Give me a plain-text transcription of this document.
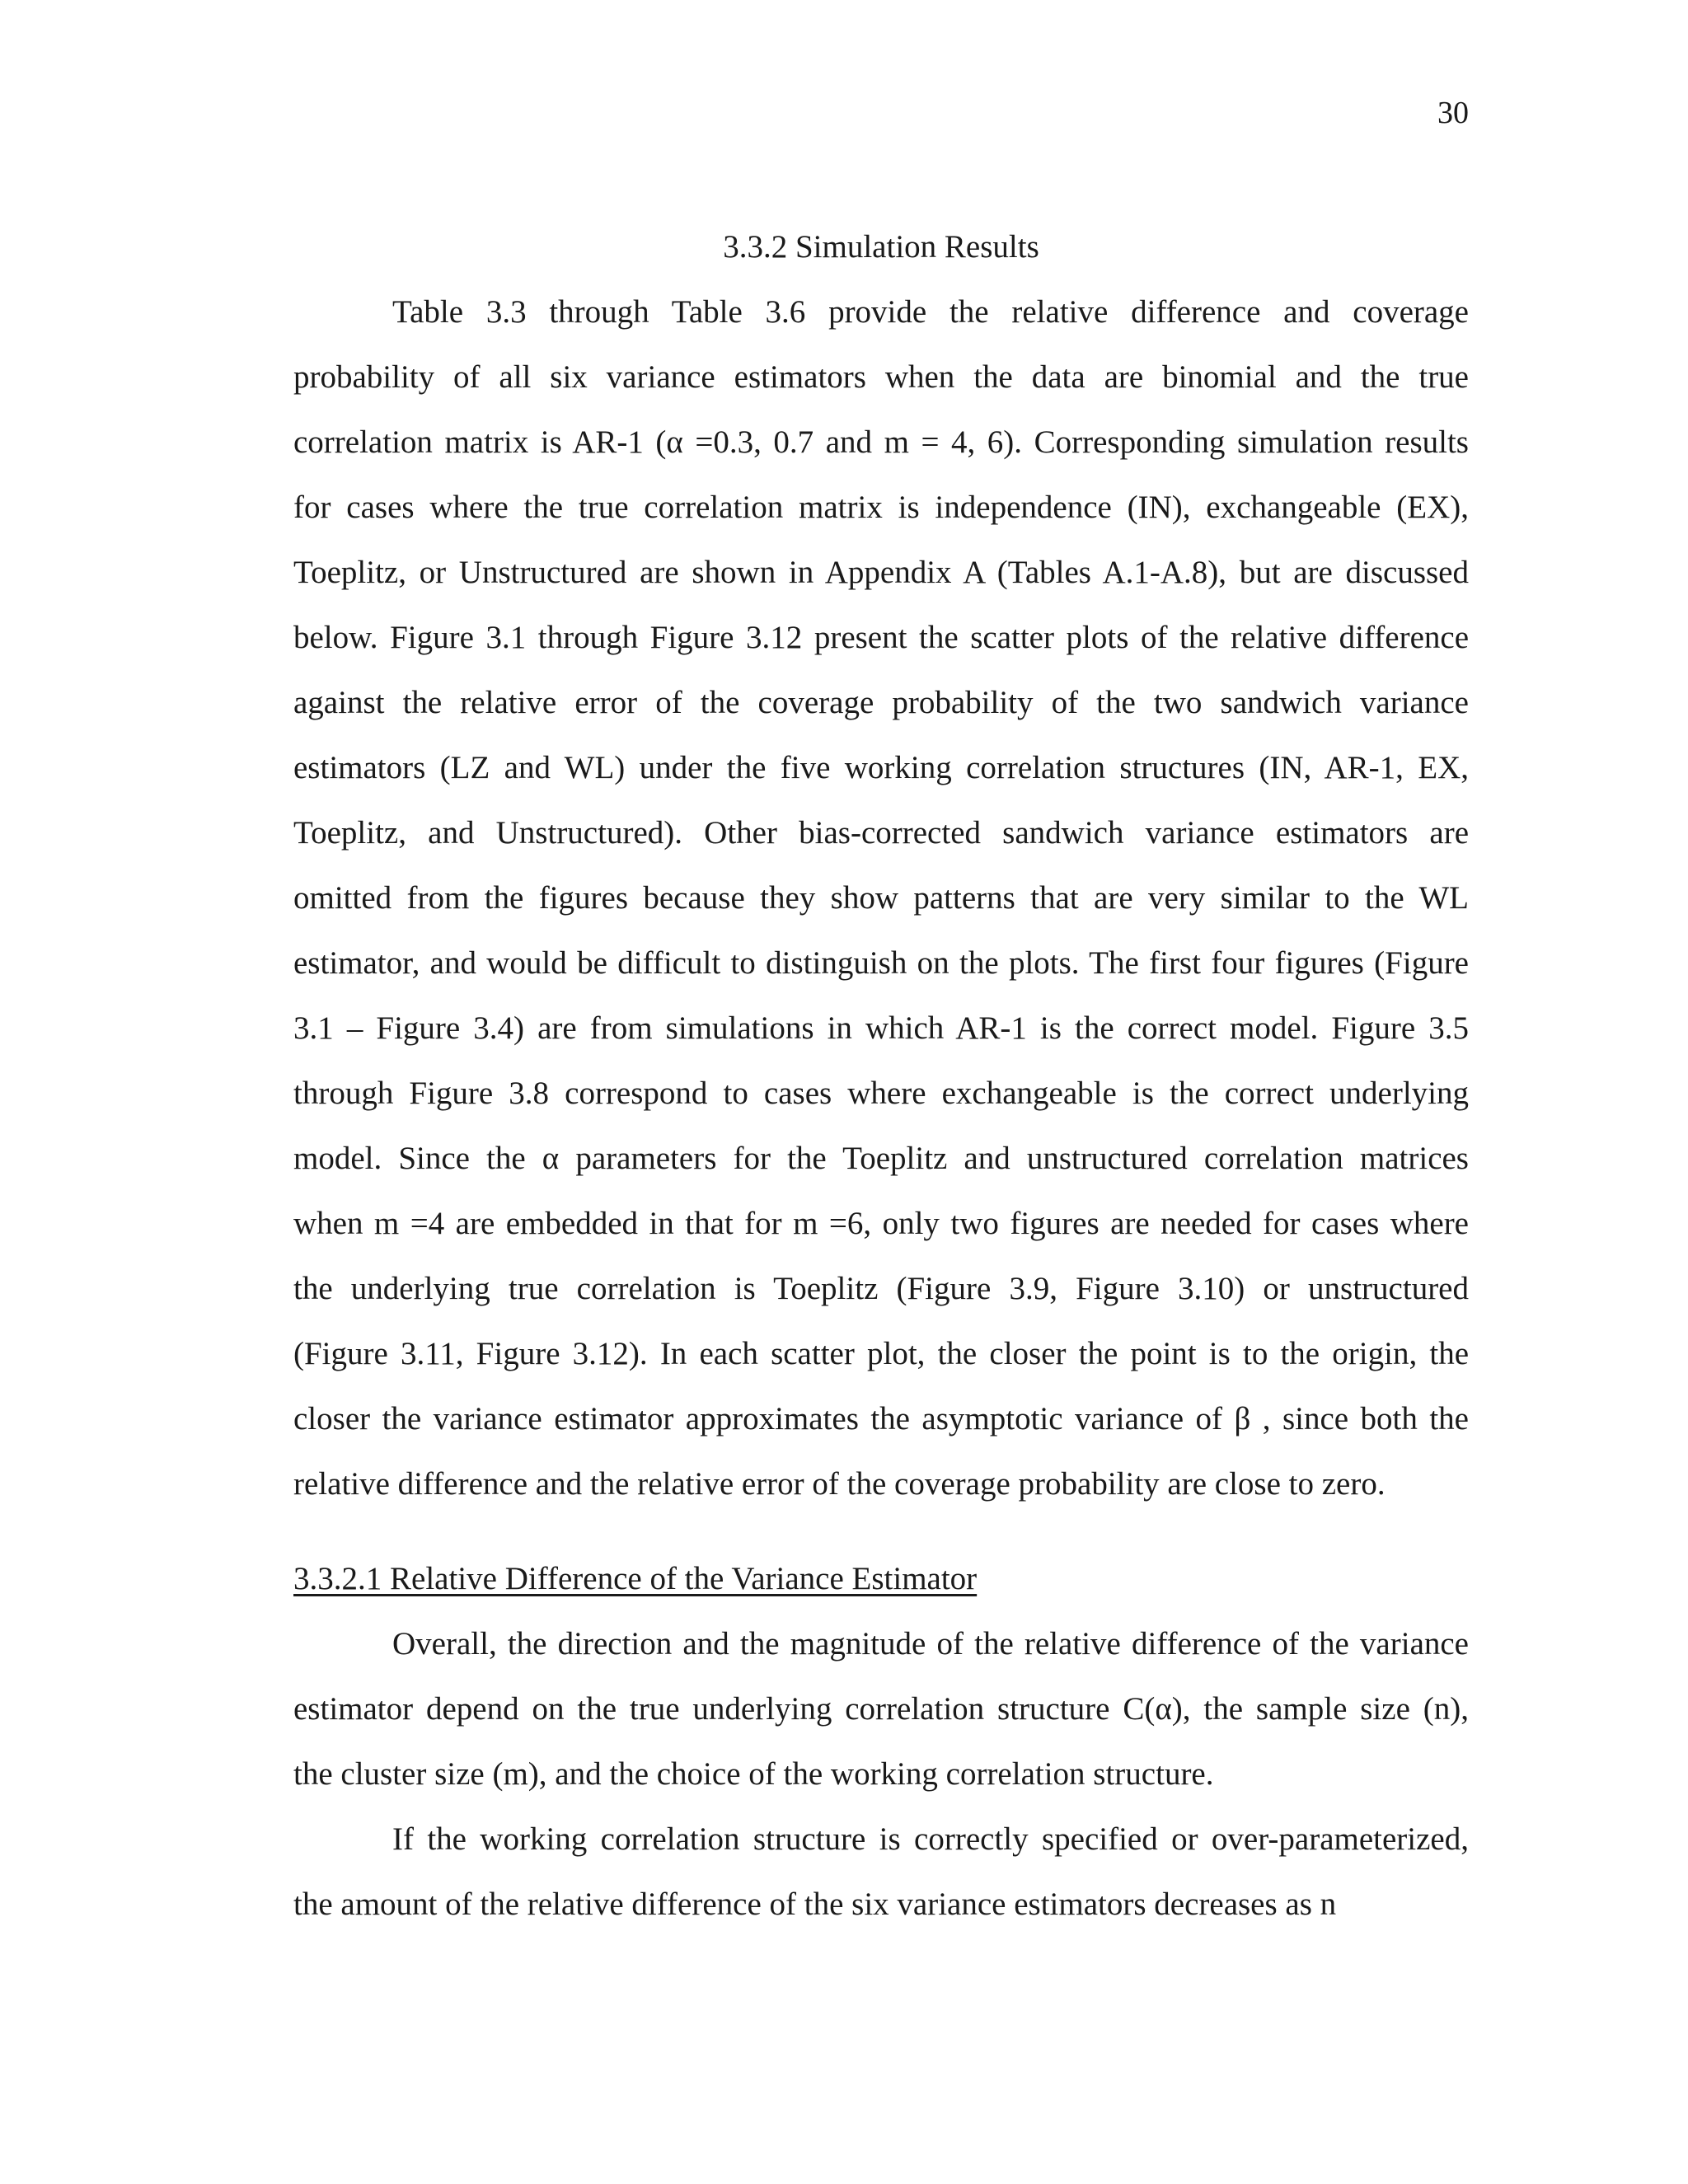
30
3.3.2 Simulation Results
Table 3.3 through Table 3.6 provide the relative difference and coverage
probability of all six variance estimators when the data are binomial and the true
correlation matrix is AR-1 (α =0.3, 0.7 and m = 4, 6). Corresponding simulation results
for cases where the true correlation matrix is independence (IN), exchangeable (EX),
Toeplitz, or Unstructured are shown in Appendix A (Tables A.1-A.8), but are discussed
below. Figure 3.1 through Figure 3.12 present the scatter plots of the relative difference
against the relative error of the coverage probability of the two sandwich variance
estimators (LZ and WL) under the five working correlation structures (IN, AR-1, EX,
Toeplitz, and Unstructured). Other bias-corrected sandwich variance estimators are
omitted from the figures because they show patterns that are very similar to the WL
estimator, and would be difficult to distinguish on the plots. The first four figures (Figure
3.1 – Figure 3.4) are from simulations in which AR-1 is the correct model. Figure 3.5
through Figure 3.8 correspond to cases where exchangeable is the correct underlying
model. Since the α parameters for the Toeplitz and unstructured correlation matrices
when m =4 are embedded in that for m =6, only two figures are needed for cases where
the underlying true correlation is Toeplitz (Figure 3.9, Figure 3.10) or unstructured
(Figure 3.11, Figure 3.12). In each scatter plot, the closer the point is to the origin, the
closer the variance estimator approximates the asymptotic variance of β , since both the
relative difference and the relative error of the coverage probability are close to zero.
3.3.2.1 Relative Difference of the Variance Estimator
Overall, the direction and the magnitude of the relative difference of the variance
estimator depend on the true underlying correlation structure C(α), the sample size (n),
the cluster size (m), and the choice of the working correlation structure.
If the working correlation structure is correctly specified or over-parameterized,
the amount of the relative difference of the six variance estimators decreases as n
